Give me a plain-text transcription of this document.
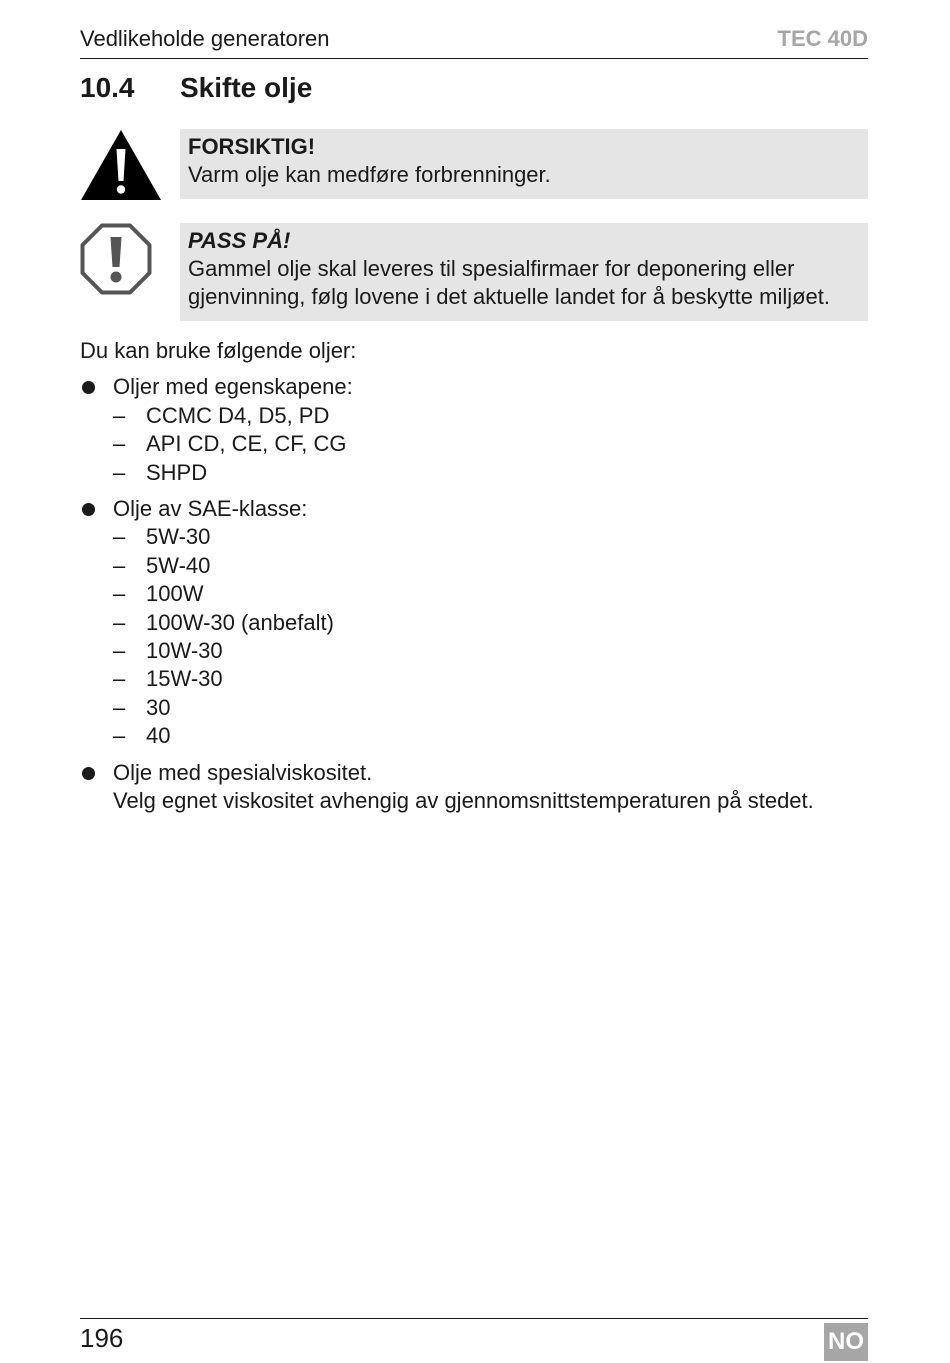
Vedlikeholde generatoren	TEC 40D
10.4 Skifte olje
FORSIKTIG!
Varm olje kan medføre forbrenninger.
PASS PÅ!
Gammel olje skal leveres til spesialfirmaer for deponering eller gjenvinning, følg lovene i det aktuelle landet for å beskytte miljøet.

Du kan bruke følgende oljer:

Oljer med egenskapene:
– CCMC D4, D5, PD
– API CD, CE, CF, CG
– SHPD
Olje av SAE-klasse:
– 5W-30
– 5W-40
– 100W
– 100W-30 (anbefalt)
– 10W-30
– 15W-30
– 30
– 40
Olje med spesialviskositet.
Velg egnet viskositet avhengig av gjennomsnittstemperaturen på stedet.
196	NO
